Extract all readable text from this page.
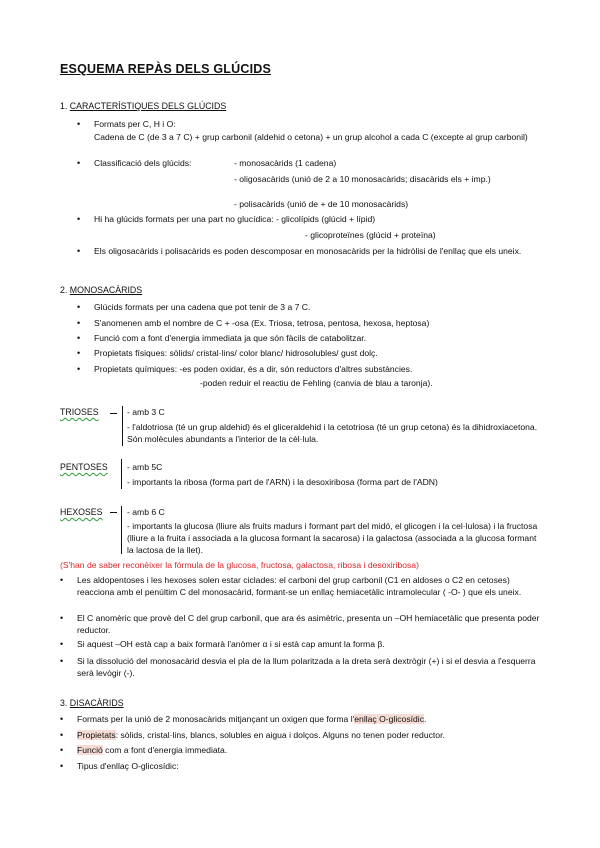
ESQUEMA REPÀS DELS GLÚCIDS
1. CARACTERÍSTIQUES DELS GLÚCIDS
• Formats per C, H i O:
Cadena de C (de 3 a 7 C) + grup carbonil (aldehid o cetona) + un grup alcohol a cada C (excepte al grup carbonil)
• Classificació dels glúcids:	- monosacàrids (1 cadena)
- oligosacàrids (unió de 2 a 10 monosacàrids; disacàrids els + imp.)
- polisacàrids (unió de + de 10 monosacàrids)
• Hi ha glúcids formats per una part no glucídica: - glicolípids (glúcid + lípid)
- glicoproteïnes (glúcid + proteïna)
• Els oligosacàrids i polisacàrids es poden descomposar en monosacàrids per la hidròlisi de l'enllaç que els uneix.
2. MONOSACÀRIDS
• Glúcids formats per una cadena que pot tenir de 3 a 7 C.
• S'anomenen amb el nombre de C + -osa (Ex. Triosa, tetrosa, pentosa, hexosa, heptosa)
• Funció com a font d'energia immediata ja que són fàcils de catabolitzar.
• Propietats físiques: sòlids/ cristal·lins/ color blanc/ hidrosolubles/ gust dolç.
• Propietats químiques: -es poden oxidar, és a dir, són reductors d'altres substàncies.
-poden reduir el reactiu de Fehling (canvia de blau a taronja).
TRIOSES	- amb 3 C
- l'aldotriosa (té un grup aldehid) és el gliceraldehid i la cetotriosa (té un grup cetona) és la dihidroxiacetona. Són molècules abundants a l'interior de la cèl·lula.
PENTOSES - amb 5C
- importants la ribosa (forma part de l'ARN) i la desoxiribosa (forma part de l'ADN)
HEXOSES	- amb 6 C
- importants la glucosa (lliure als fruits madurs i formant part del midó, el glicogen i la cel·lulosa) i la fructosa (lliure a la fruita i associada a la glucosa formant la sacarosa) i la galactosa (associada a la glucosa formant la lactosa de la llet).
(S'han de saber reconèixer la fórmula de la glucosa, fructosa, galactosa, ribosa i desoxiribosa)
• Les aldopentoses i les hexoses solen estar ciclades: el carboni del grup carbonil (C1 en aldoses o C2 en cetoses) reacciona amb el penúltim C del monosacàrid, formant-se un enllaç hemiacetàlic intramolecular ( -O- ) que els uneix.
• El C anomèric que provè del C del grup carbonil, que ara és asimètric, presenta un –OH hemiacetàlic que presenta poder reductor.
• Si aquest –OH està cap a baix formarà l'anòmer α i si està cap amunt la forma β.
• Si la dissolució del monosacàrid desvia el pla de la llum polaritzada a la dreta serà dextrògir (+) i si el desvia a l'esquerra serà levògir (-).
3. DISACÀRIDS
• Formats per la unió de 2 monosacàrids mitjançant un oxigen que forma l'enllaç O-glicosídic.
• Propietats: sòlids, cristal·lins, blancs, solubles en aigua i dolços. Alguns no tenen poder reductor.
• Funció com a font d'energia immediata.
• Tipus d'enllaç O-glicosídic:
